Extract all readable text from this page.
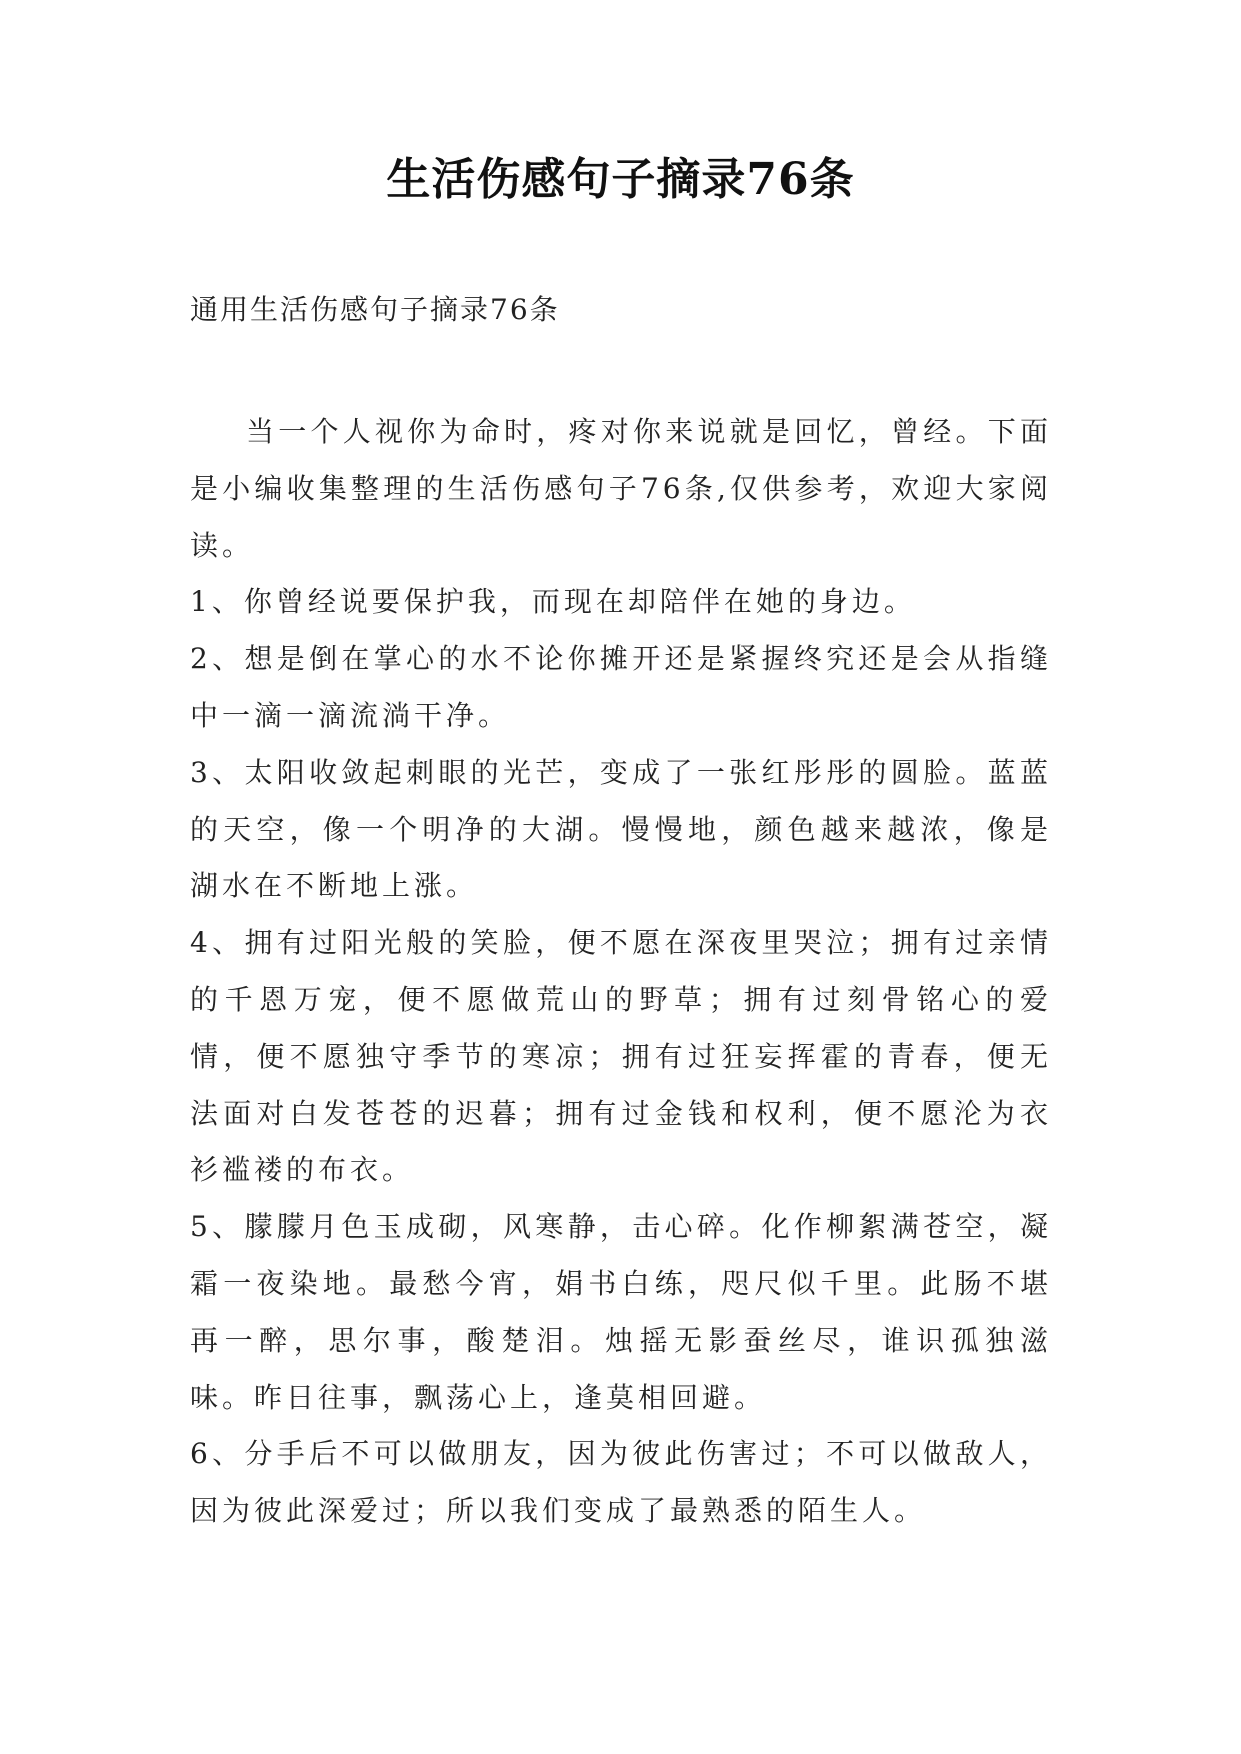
生活伤感句子摘录76条
通用生活伤感句子摘录76条

当一个人视你为命时，疼对你来说就是回忆，曾经。下面是小编收集整理的生活伤感句子76条,仅供参考，欢迎大家阅读。

1、你曾经说要保护我，而现在却陪伴在她的身边。

2、想是倒在掌心的水不论你摊开还是紧握终究还是会从指缝中一滴一滴流淌干净。

3、太阳收敛起刺眼的光芒，变成了一张红彤彤的圆脸。蓝蓝的天空，像一个明净的大湖。慢慢地，颜色越来越浓，像是湖水在不断地上涨。

4、拥有过阳光般的笑脸，便不愿在深夜里哭泣；拥有过亲情的千恩万宠，便不愿做荒山的野草；拥有过刻骨铭心的爱情，便不愿独守季节的寒凉；拥有过狂妄挥霍的青春，便无法面对白发苍苍的迟暮；拥有过金钱和权利，便不愿沦为衣衫褴褛的布衣。

5、朦朦月色玉成砌，风寒静，击心碎。化作柳絮满苍空，凝霜一夜染地。最愁今宵，娟书白练，咫尺似千里。此肠不堪再一醉，思尔事，酸楚泪。烛摇无影蚕丝尽，谁识孤独滋味。昨日往事，飘荡心上，逢莫相回避。

6、分手后不可以做朋友，因为彼此伤害过；不可以做敌人，因为彼此深爱过；所以我们变成了最熟悉的陌生人。
